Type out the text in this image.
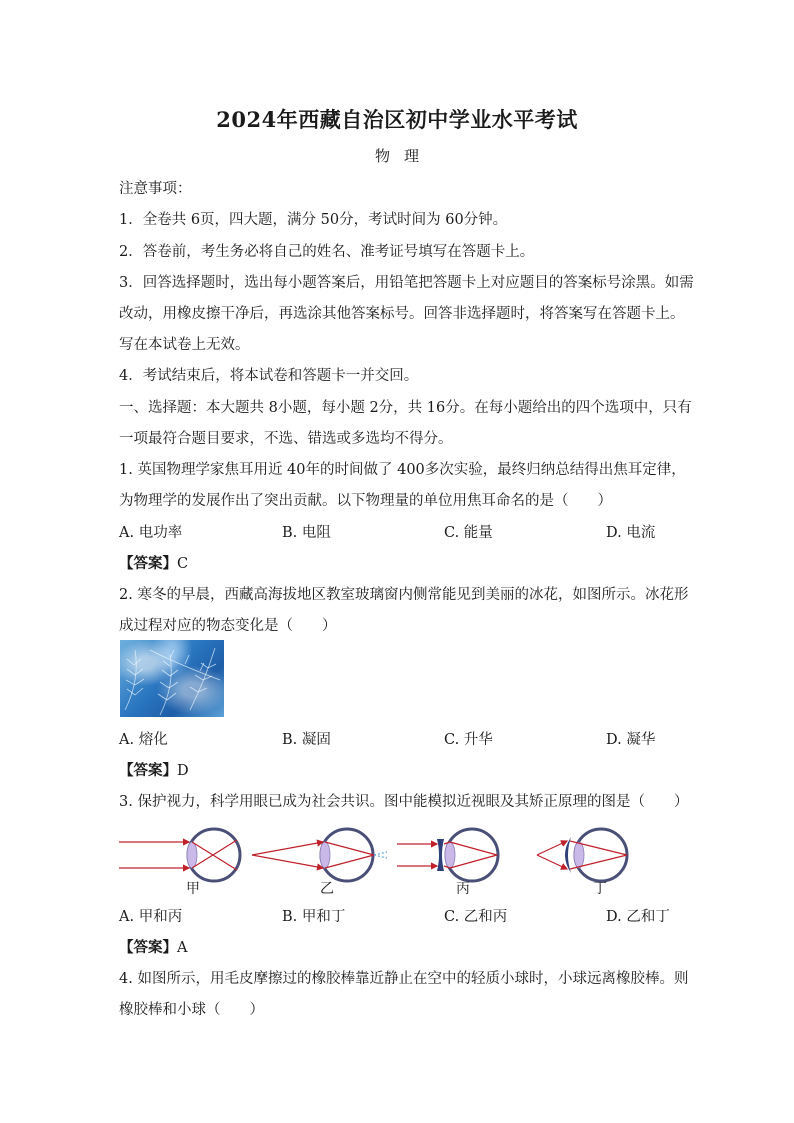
2024年西藏自治区初中学业水平考试
物理
注意事项：
1．全卷共 6页，四大题，满分 50分，考试时间为 60分钟。
2．答卷前，考生务必将自己的姓名、准考证号填写在答题卡上。
3．回答选择题时，选出每小题答案后，用铅笔把答题卡上对应题目的答案标号涂黑。如需
改动，用橡皮擦干净后，再选涂其他答案标号。回答非选择题时，将答案写在答题卡上。
写在本试卷上无效。
4．考试结束后，将本试卷和答题卡一并交回。
一、选择题：本大题共 8小题，每小题 2分，共 16分。在每小题给出的四个选项中，只有
一项最符合题目要求，不选、错选或多选均不得分。
1. 英国物理学家焦耳用近 40年的时间做了 400多次实验，最终归纳总结得出焦耳定律，
为物理学的发展作出了突出贡献。以下物理量的单位用焦耳命名的是（　　）
A. 电功率	B. 电阻	C. 能量	D. 电流
【答案】C
2. 寒冬的早晨，西藏高海拔地区教室玻璃窗内侧常能见到美丽的冰花，如图所示。冰花形
成过程对应的物态变化是（　　）
A. 熔化	B. 凝固	C. 升华	D. 凝华
【答案】D
3. 保护视力，科学用眼已成为社会共识。图中能模拟近视眼及其矫正原理的图是（　　）
甲	乙	丙	丁
A. 甲和丙	B. 甲和丁	C. 乙和丙	D. 乙和丁
【答案】A
4. 如图所示，用毛皮摩擦过的橡胶棒靠近静止在空中的轻质小球时，小球远离橡胶棒。则
橡胶棒和小球（　　）
